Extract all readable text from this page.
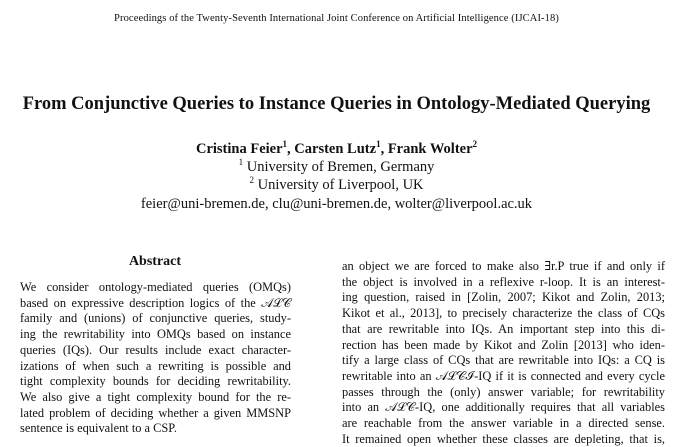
Proceedings of the Twenty-Seventh International Joint Conference on Artificial Intelligence (IJCAI-18)
From Conjunctive Queries to Instance Queries in Ontology-Mediated Querying
Cristina Feier$^1$, Carsten Lutz$^1$, Frank Wolter$^2$
$^1$ University of Bremen, Germany
$^2$ University of Liverpool, UK
feier@uni-bremen.de, clu@uni-bremen.de, wolter@liverpool.ac.uk
Abstract
We consider ontology-mediated queries (OMQs)
based on expressive description logics of the 𝒜ℒ𝒞
family and (unions) of conjunctive queries, study-
ing the rewritability into OMQs based on instance
queries (IQs). Our results include exact character-
izations of when such a rewriting is possible and
tight complexity bounds for deciding rewritability.
We also give a tight complexity bound for the re-
lated problem of deciding whether a given MMSNP
sentence is equivalent to a CSP.
an object we are forced to make also ∃r.P true if and only if
the object is involved in a reflexive r-loop. It is an interest-
ing question, raised in [Zolin, 2007; Kikot and Zolin, 2013;
Kikot et al., 2013], to precisely characterize the class of CQs
that are rewritable into IQs. An important step into this di-
rection has been made by Kikot and Zolin [2013] who iden-
tify a large class of CQs that are rewritable into IQs: a CQ is
rewritable into an 𝒜ℒ𝒞ℐ-IQ if it is connected and every cycle
passes through the (only) answer variable; for rewritability
into an 𝒜ℒ𝒞-IQ, one additionally requires that all variables
are reachable from the answer variable in a directed sense.
It remained open whether these classes are depleting, that is,
